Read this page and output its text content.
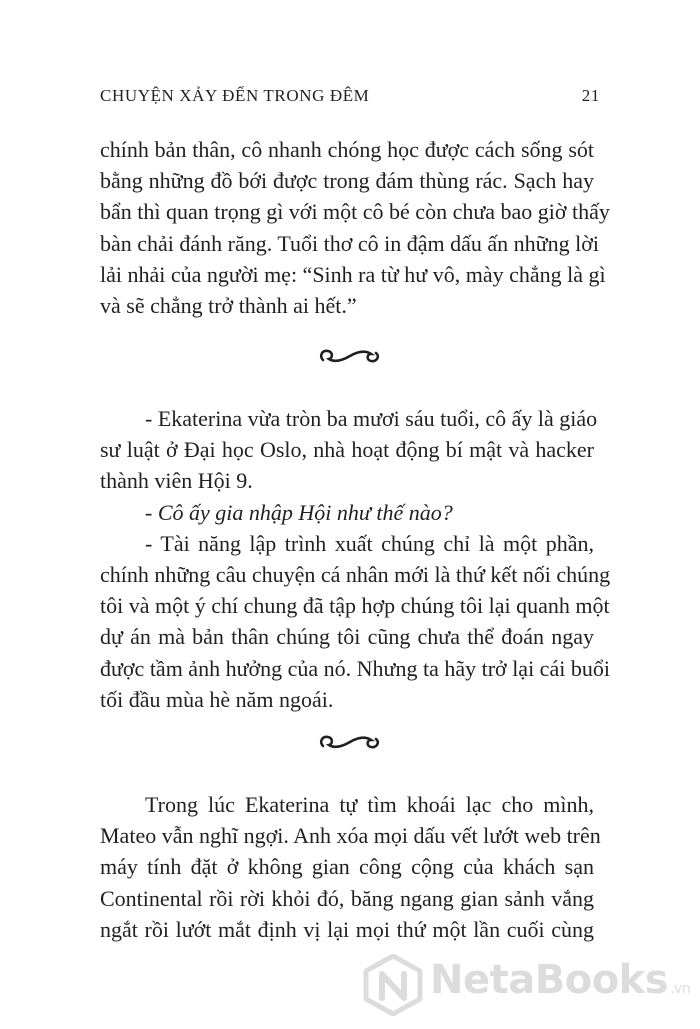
CHUYỆN XẢY ĐẾN TRONG ĐÊM	21
chính bản thân, cô nhanh chóng học được cách sống sót
bằng những đồ bới được trong đám thùng rác. Sạch hay
bẩn thì quan trọng gì với một cô bé còn chưa bao giờ thấy
bàn chải đánh răng. Tuổi thơ cô in đậm dấu ấn những lời
lải nhải của người mẹ: “Sinh ra từ hư vô, mày chẳng là gì
và sẽ chẳng trở thành ai hết.”
- Ekaterina vừa tròn ba mươi sáu tuổi, cô ấy là giáo
sư luật ở Đại học Oslo, nhà hoạt động bí mật và hacker
thành viên Hội 9.
- Cô ấy gia nhập Hội như thế nào?
- Tài năng lập trình xuất chúng chỉ là một phần,
chính những câu chuyện cá nhân mới là thứ kết nối chúng
tôi và một ý chí chung đã tập hợp chúng tôi lại quanh một
dự án mà bản thân chúng tôi cũng chưa thể đoán ngay
được tầm ảnh hưởng của nó. Nhưng ta hãy trở lại cái buổi
tối đầu mùa hè năm ngoái.
Trong lúc Ekaterina tự tìm khoái lạc cho mình,
Mateo vẫn nghĩ ngợi. Anh xóa mọi dấu vết lướt web trên
máy tính đặt ở không gian công cộng của khách sạn
Continental rồi rời khỏi đó, băng ngang gian sảnh vắng
ngắt rồi lướt mắt định vị lại mọi thứ một lần cuối cùng
NetaBooks .vn
